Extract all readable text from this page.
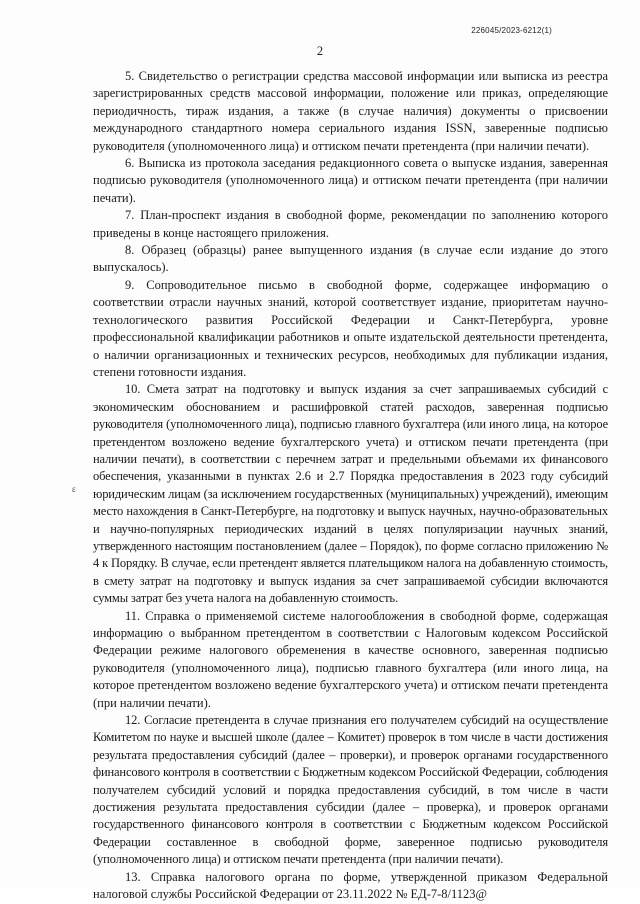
226045/2023-6212(1)
2
ɛ

5. Свидетельство о регистрации средства массовой информации или выписка из реестра зарегистрированных средств массовой информации, положение или приказ, определяющие периодичность, тираж издания, а также (в случае наличия) документы о присвоении международного стандартного номера сериального издания ISSN, заверенные подписью руководителя (уполномоченного лица) и оттиском печати претендента (при наличии печати).

6. Выписка из протокола заседания редакционного совета о выпуске издания, заверенная подписью руководителя (уполномоченного лица) и оттиском печати претендента (при наличии печати).

7. План-проспект издания в свободной форме, рекомендации по заполнению которого приведены в конце настоящего приложения.

8. Образец (образцы) ранее выпущенного издания (в случае если издание до этого выпускалось).

9. Сопроводительное письмо в свободной форме, содержащее информацию о соответствии отрасли научных знаний, которой соответствует издание, приоритетам научно-технологического развития Российской Федерации и Санкт-Петербурга, уровне профессиональной квалификации работников и опыте издательской деятельности претендента, о наличии организационных и технических ресурсов, необходимых для публикации издания, степени готовности издания.

10. Смета затрат на подготовку и выпуск издания за счет запрашиваемых субсидий с экономическим обоснованием и расшифровкой статей расходов, заверенная подписью руководителя (уполномоченного лица), подписью главного бухгалтера (или иного лица, на которое претендентом возложено ведение бухгалтерского учета) и оттиском печати претендента (при наличии печати), в соответствии с перечнем затрат и предельными объемами их финансового обеспечения, указанными в пунктах 2.6 и 2.7 Порядка предоставления в 2023 году субсидий юридическим лицам (за исключением государственных (муниципальных) учреждений), имеющим место нахождения в Санкт-Петербурге, на подготовку и выпуск научных, научно-образовательных и научно-популярных периодических изданий в целях популяризации научных знаний, утвержденного настоящим постановлением (далее – Порядок), по форме согласно приложению № 4 к Порядку. В случае, если претендент является плательщиком налога на добавленную стоимость, в смету затрат на подготовку и выпуск издания за счет запрашиваемой субсидии включаются суммы затрат без учета налога на добавленную стоимость.

11. Справка о применяемой системе налогообложения в свободной форме, содержащая информацию о выбранном претендентом в соответствии с Налоговым кодексом Российской Федерации режиме налогового обременения в качестве основного, заверенная подписью руководителя (уполномоченного лица), подписью главного бухгалтера (или иного лица, на которое претендентом возложено ведение бухгалтерского учета) и оттиском печати претендента (при наличии печати).

12. Согласие претендента в случае признания его получателем субсидий на осуществление Комитетом по науке и высшей школе (далее – Комитет) проверок в том числе в части достижения результата предоставления субсидий (далее – проверки), и проверок органами государственного финансового контроля в соответствии с Бюджетным кодексом Российской Федерации, соблюдения получателем субсидий условий и порядка предоставления субсидий, в том числе в части достижения результата предоставления субсидии (далее – проверка), и проверок органами государственного финансового контроля в соответствии с Бюджетным кодексом Российской Федерации составленное в свободной форме, заверенное подписью руководителя (уполномоченного лица) и оттиском печати претендента (при наличии печати).

13. Справка налогового органа по форме, утвержденной приказом Федеральной налоговой службы Российской Федерации от 23.11.2022 № ЕД-7-8/1123@
